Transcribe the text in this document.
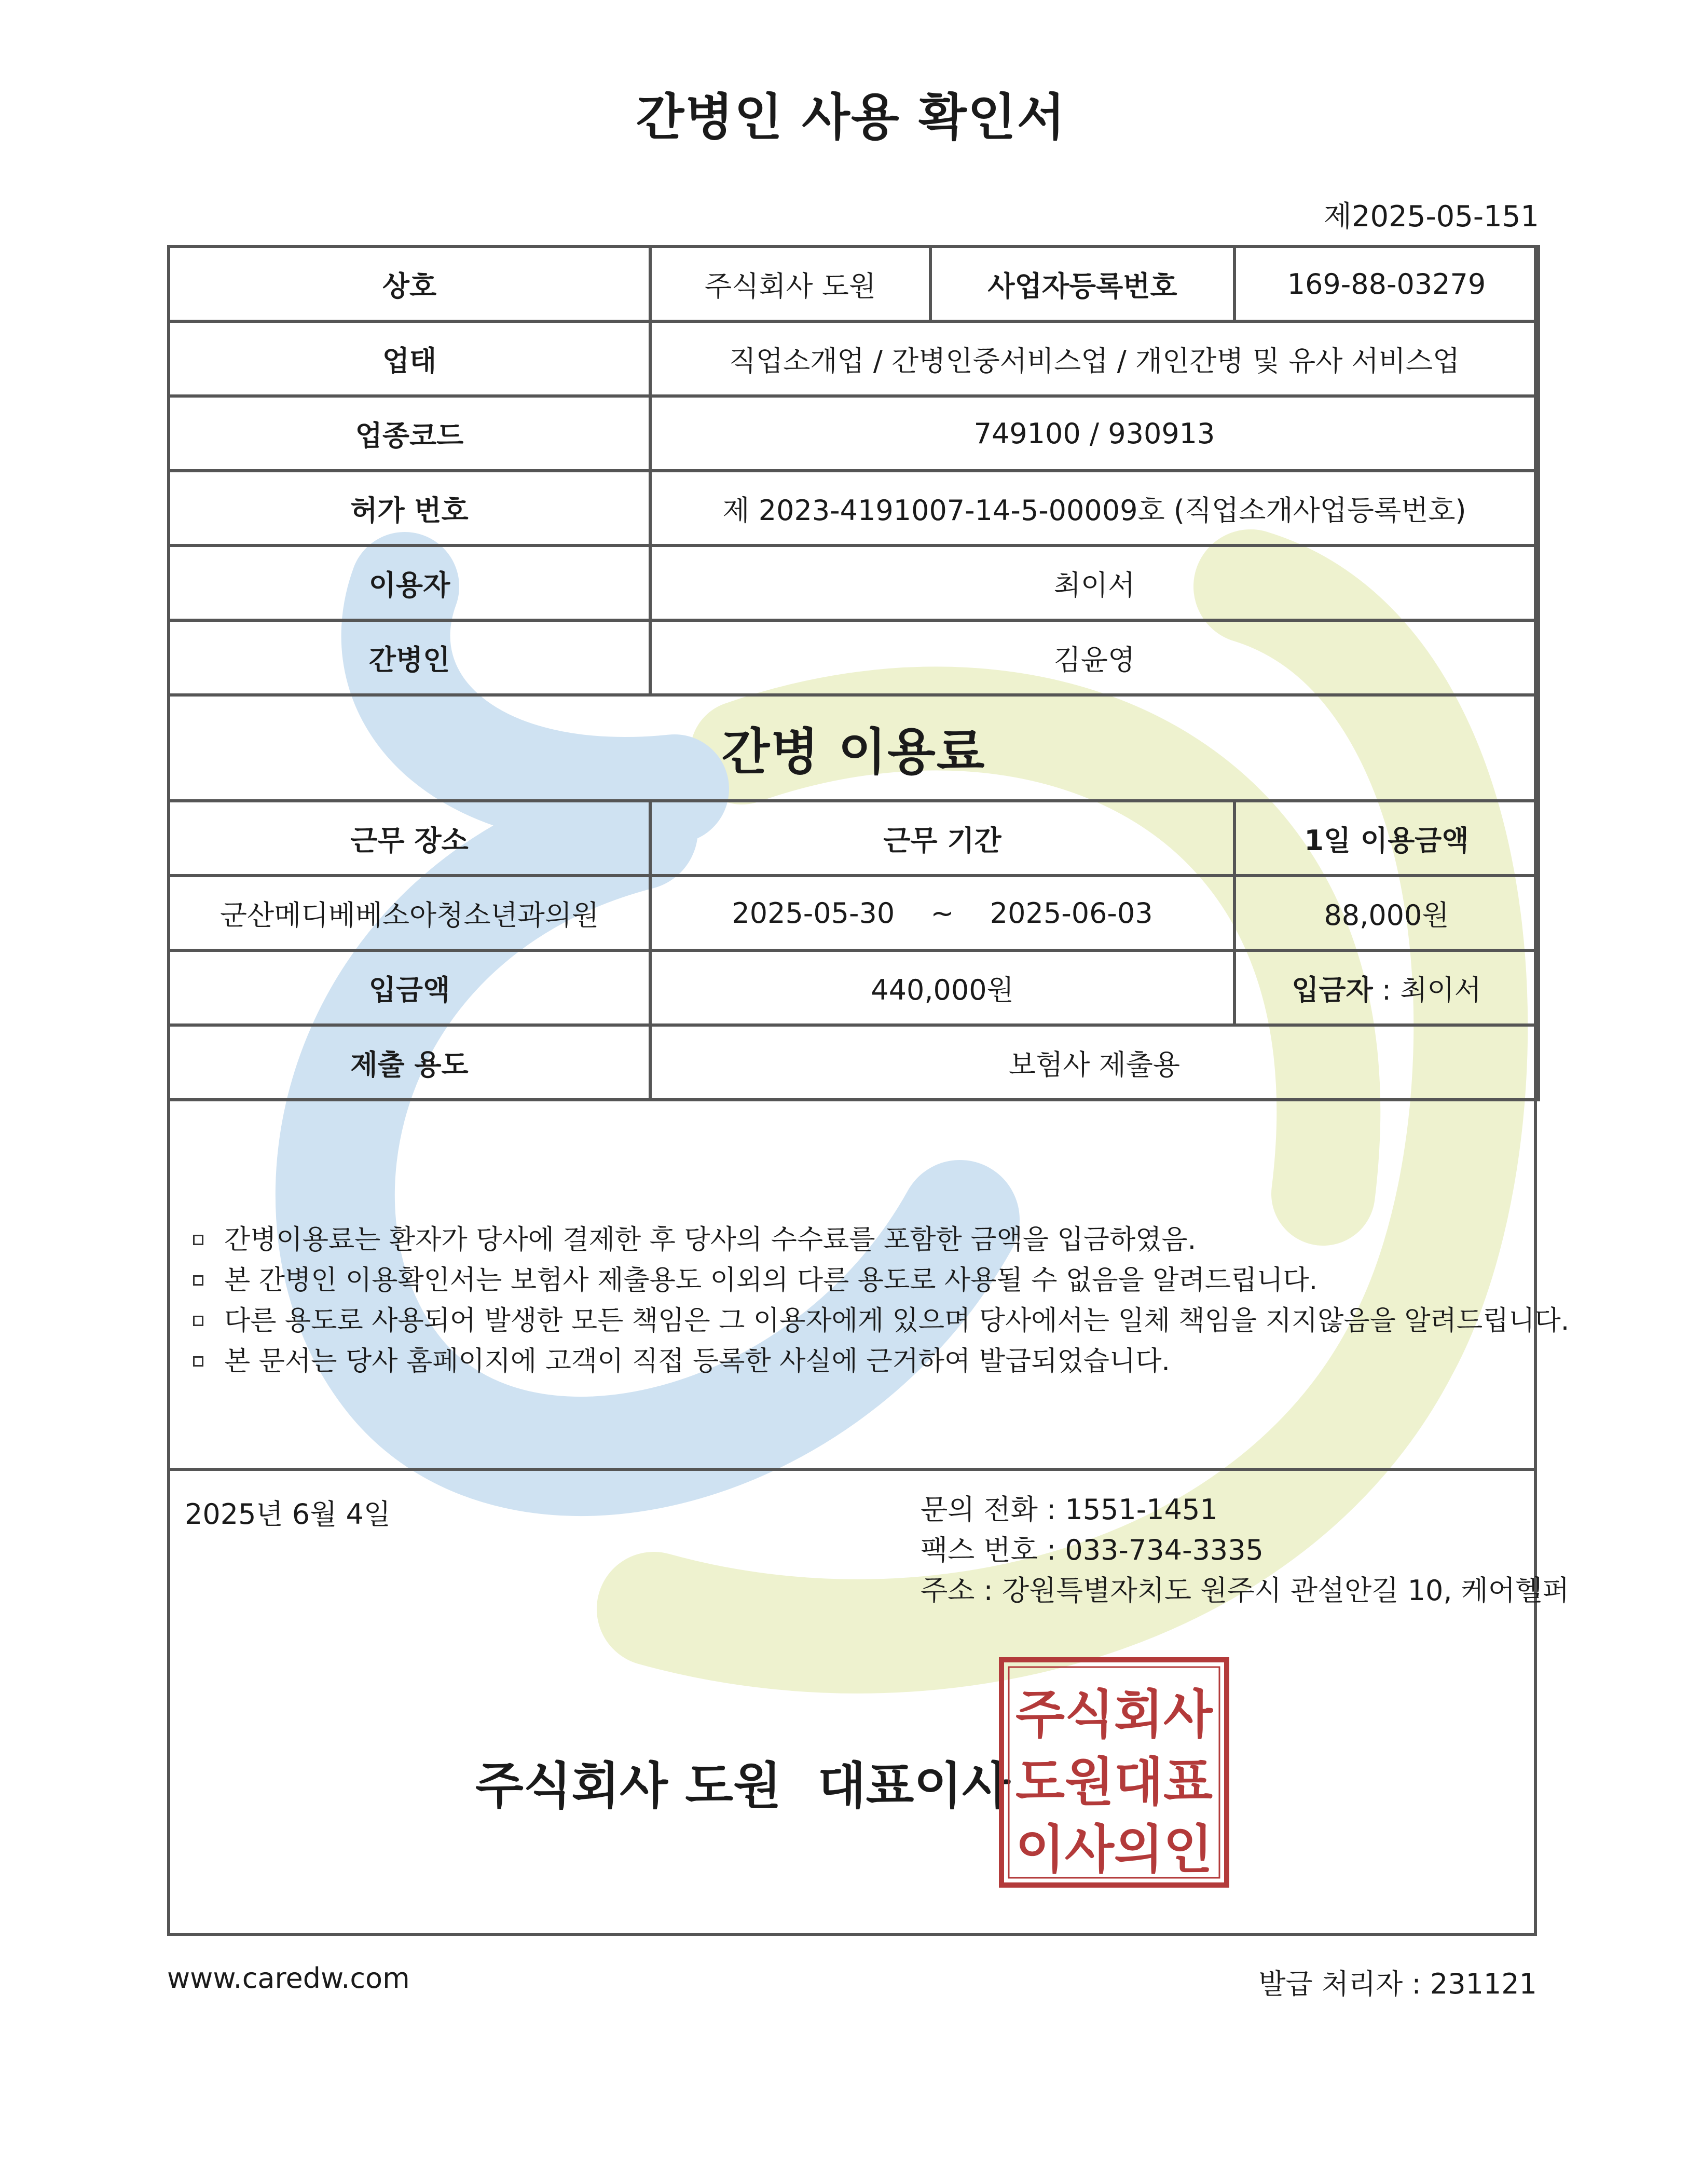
간병인 사용 확인서
제2025-05-151
상호	주식회사 도원	사업자등록번호	169-88-03279
업태	직업소개업 / 간병인중서비스업 / 개인간병 및 유사 서비스업		
업종코드	749100 / 930913		
허가 번호	제 2023-4191007-14-5-00009호 (직업소개사업등록번호)		
이용자	최이서		
간병인	김윤영		
간병 이용료			
근무 장소	근무 기간		1일 이용금액
군산메디베베소아청소년과의원	2025-05-30 ~ 2025-06-03		88,000원
입금액	440,000원		입금자 : 최이서
제출 용도	보험사 제출용		
간병이용료는 환자가 당사에 결제한 후 당사의 수수료를 포함한 금액을 입금하였음.
본 간병인 이용확인서는 보험사 제출용도 이외의 다른 용도로 사용될 수 없음을 알려드립니다.
다른 용도로 사용되어 발생한 모든 책임은 그 이용자에게 있으며 당사에서는 일체 책임을 지지않음을 알려드립니다.
본 문서는 당사 홈페이지에 고객이 직접 등록한 사실에 근거하여 발급되었습니다.
2025년 6월 4일	문의 전화 : 1551-1451
팩스 번호 : 033-734-3335
주소 : 강원특별자치도 원주시 관설안길 10, 케어헬퍼
주식회사 도원 대표이사
주식회사
도원대표
이사의인
www.caredw.com	발급 처리자 : 231121
